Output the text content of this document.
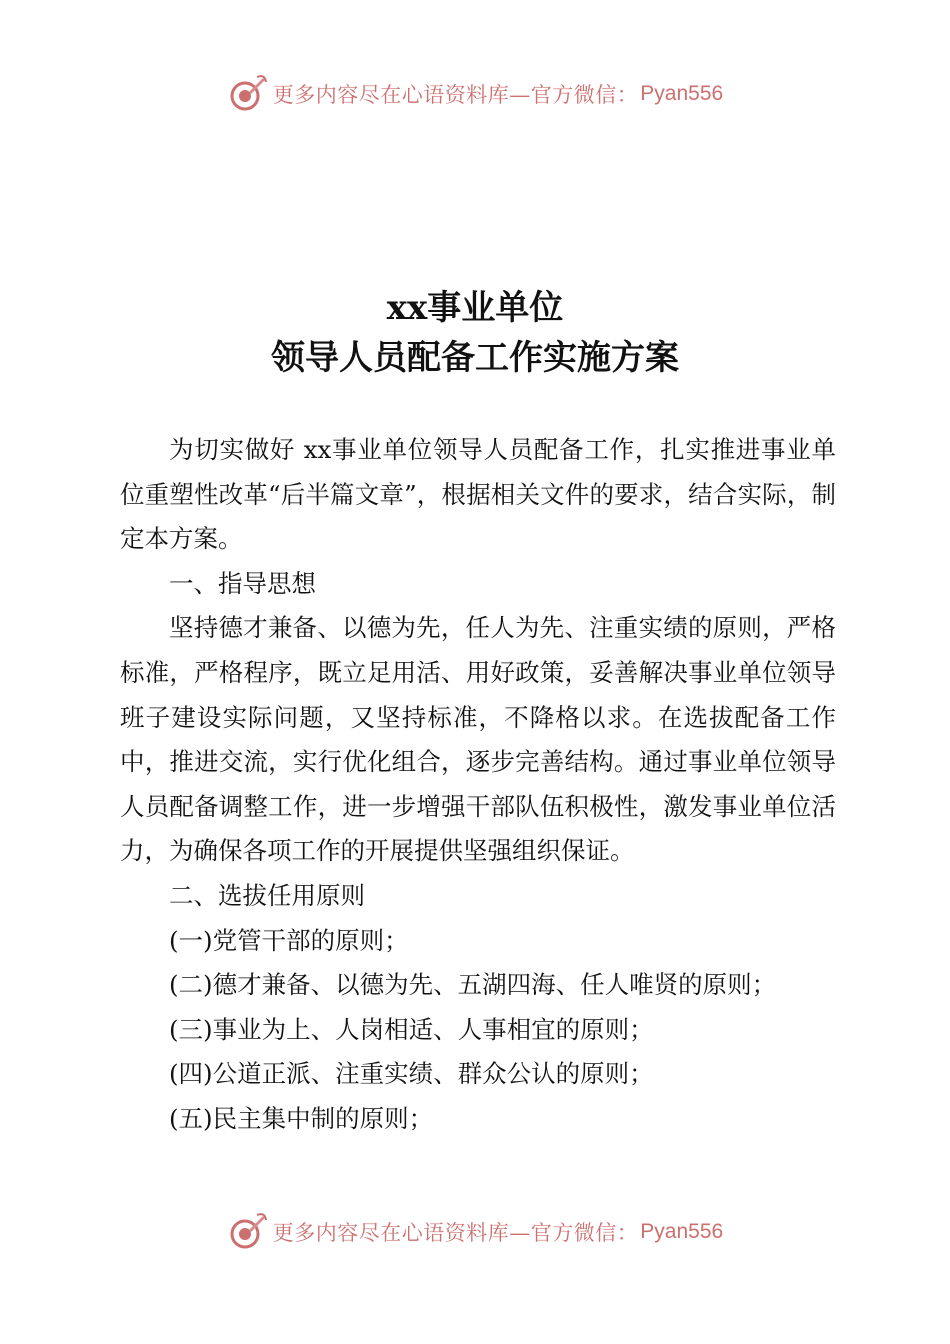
更多内容尽在心语资料库—官方微信： Pyan556
xx事业单位
领导人员配备工作实施方案

为切实做好 xx事业单位领导人员配备工作，扎实推进事业单位重塑性改革“后半篇文章”，根据相关文件的要求，结合实际，制定本方案。

一、指导思想

坚持德才兼备、以德为先，任人为先、注重实绩的原则，严格标准，严格程序，既立足用活、用好政策，妥善解决事业单位领导班子建设实际问题，又坚持标准，不降格以求。在选拔配备工作中，推进交流，实行优化组合，逐步完善结构。通过事业单位领导人员配备调整工作，进一步增强干部队伍积极性，激发事业单位活力，为确保各项工作的开展提供坚强组织保证。

二、选拔任用原则

(一)党管干部的原则；

(二)德才兼备、以德为先、五湖四海、任人唯贤的原则；

(三)事业为上、人岗相适、人事相宜的原则；

(四)公道正派、注重实绩、群众公认的原则；

(五)民主集中制的原则；

更多内容尽在心语资料库—官方微信： Pyan556
